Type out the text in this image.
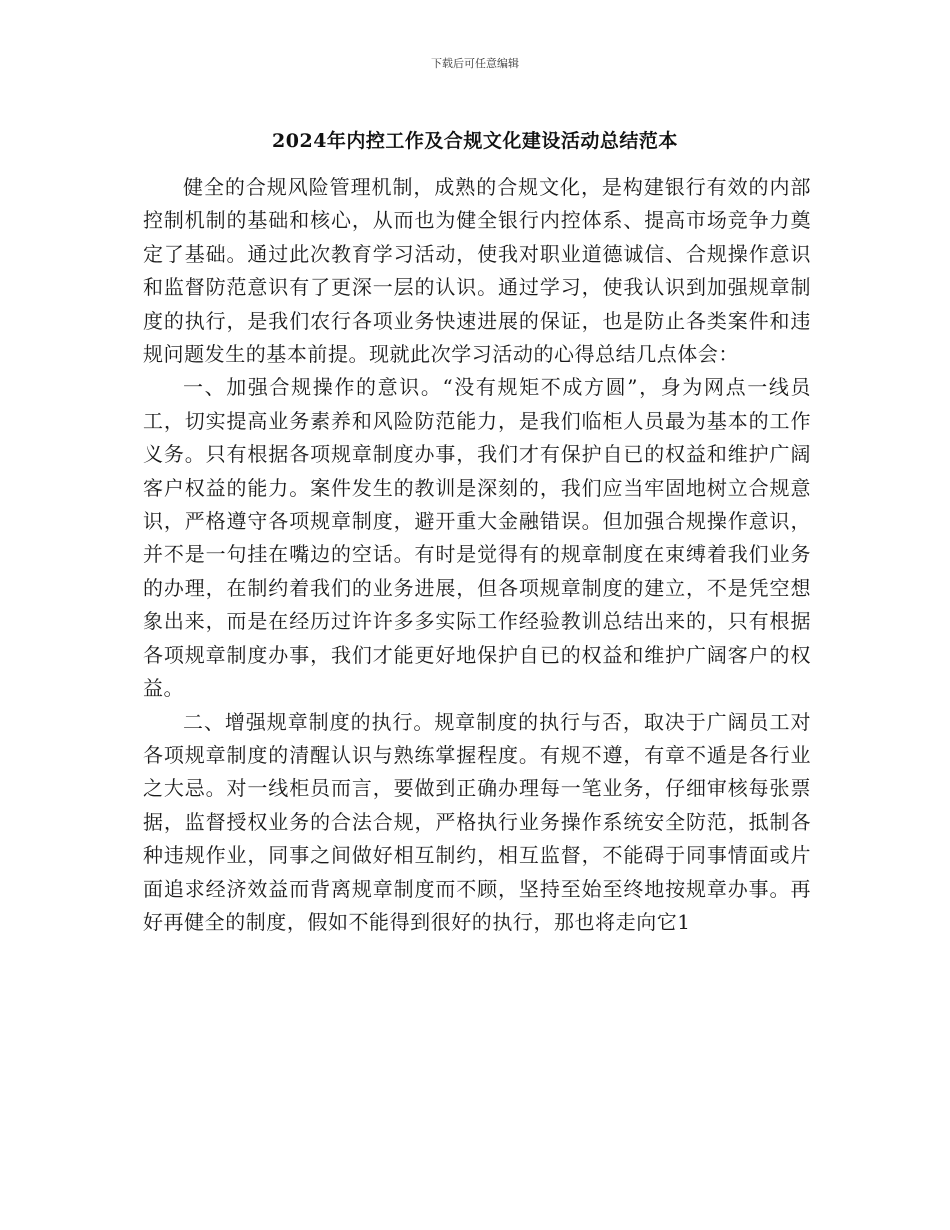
下载后可任意编辑
2024年内控工作及合规文化建设活动总结范本

健全的合规风险管理机制，成熟的合规文化，是构建银行有效的内部控制机制的基础和核心，从而也为健全银行内控体系、提高市场竞争力奠定了基础。通过此次教育学习活动，使我对职业道德诚信、合规操作意识和监督防范意识有了更深一层的认识。通过学习，使我认识到加强规章制度的执行，是我们农行各项业务快速进展的保证，也是防止各类案件和违规问题发生的基本前提。现就此次学习活动的心得总结几点体会：

一、加强合规操作的意识。“没有规矩不成方圆”，身为网点一线员工，切实提高业务素养和风险防范能力，是我们临柜人员最为基本的工作义务。只有根据各项规章制度办事，我们才有保护自已的权益和维护广阔客户权益的能力。案件发生的教训是深刻的，我们应当牢固地树立合规意识，严格遵守各项规章制度，避开重大金融错误。但加强合规操作意识，并不是一句挂在嘴边的空话。有时是觉得有的规章制度在束缚着我们业务的办理，在制约着我们的业务进展，但各项规章制度的建立，不是凭空想象出来，而是在经历过许许多多实际工作经验教训总结出来的，只有根据各项规章制度办事，我们才能更好地保护自已的权益和维护广阔客户的权益。

二、增强规章制度的执行。规章制度的执行与否，取决于广阔员工对各项规章制度的清醒认识与熟练掌握程度。有规不遵，有章不遁是各行业之大忌。对一线柜员而言，要做到正确办理每一笔业务，仔细审核每张票据，监督授权业务的合法合规，严格执行业务操作系统安全防范，抵制各种违规作业，同事之间做好相互制约，相互监督，不能碍于同事情面或片面追求经济效益而背离规章制度而不顾，坚持至始至终地按规章办事。再好再健全的制度，假如不能得到很好的执行，那也将走向它1
